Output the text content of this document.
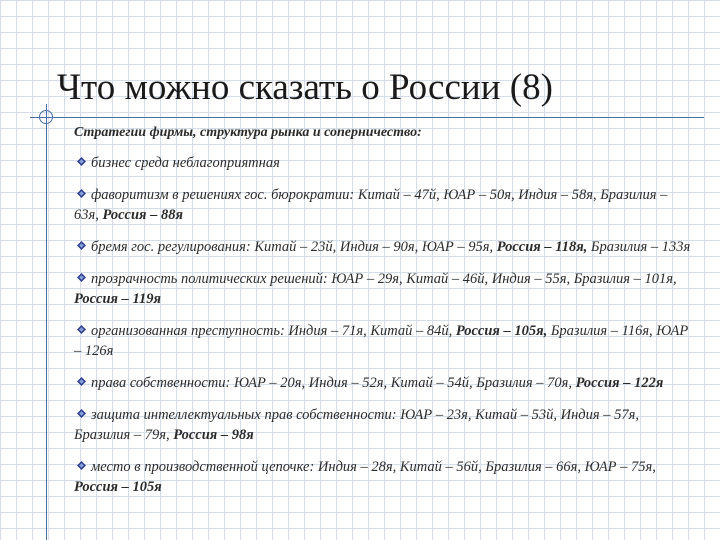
Что можно сказать о России (8)
Стратегии фирмы, структура рынка и соперничество:
бизнес среда неблагоприятная
фаворитизм в решениях гос. бюрократии: Китай – 47й, ЮАР – 50я, Индия – 58я, Бразилия – 63я, Россия – 88я
бремя гос. регулирования: Китай – 23й, Индия – 90я, ЮАР – 95я, Россия – 118я, Бразилия – 133я
прозрачность политических решений: ЮАР – 29я, Китай – 46й, Индия – 55я, Бразилия – 101я, Россия – 119я
организованная преступность: Индия – 71я, Китай – 84й, Россия – 105я, Бразилия – 116я, ЮАР – 126я
права собственности: ЮАР – 20я, Индия – 52я, Китай – 54й, Бразилия – 70я, Россия – 122я
защита интеллектуальных прав собственности: ЮАР – 23я, Китай – 53й, Индия – 57я, Бразилия – 79я, Россия – 98я
место в производственной цепочке: Индия – 28я, Китай – 56й, Бразилия – 66я, ЮАР – 75я, Россия – 105я
